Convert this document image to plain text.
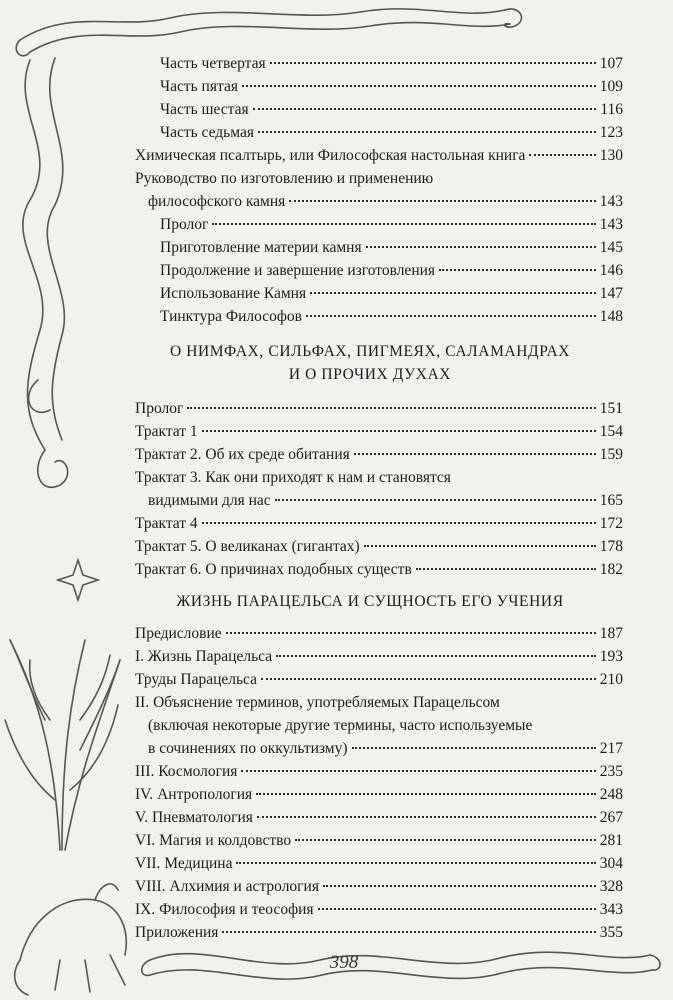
Часть четвертая	107
Часть пятая	109
Часть шестая	116
Часть седьмая	123
Химическая псалтырь, или Философская настольная книга	130
Руководство по изготовлению и применению
философского камня	143
Пролог	143
Приготовление материи камня	145
Продолжение и завершение изготовления	146
Использование Камня	147
Тинктура Философов	148
О НИМФАХ, СИЛЬФАХ, ПИГМЕЯХ, САЛАМАНДРАХ
И О ПРОЧИХ ДУХАХ
Пролог	151
Трактат 1	154
Трактат 2. Об их среде обитания	159
Трактат 3. Как они приходят к нам и становятся
видимыми для нас	165
Трактат 4	172
Трактат 5. О великанах (гигантах)	178
Трактат 6. О причинах подобных существ	182
ЖИЗНЬ ПАРАЦЕЛЬСА И СУЩНОСТЬ ЕГО УЧЕНИЯ
Предисловие	187
I. Жизнь Парацельса	193
Труды Парацельса	210
II. Объяснение терминов, употребляемых Парацельсом
(включая некоторые другие термины, часто используемые
в сочинениях по оккультизму)	217
III. Космология	235
IV. Антропология	248
V. Пневматология	267
VI. Магия и колдовство	281
VII. Медицина	304
VIII. Алхимия и астрология	328
IX. Философия и теософия	343
Приложения	355
398
